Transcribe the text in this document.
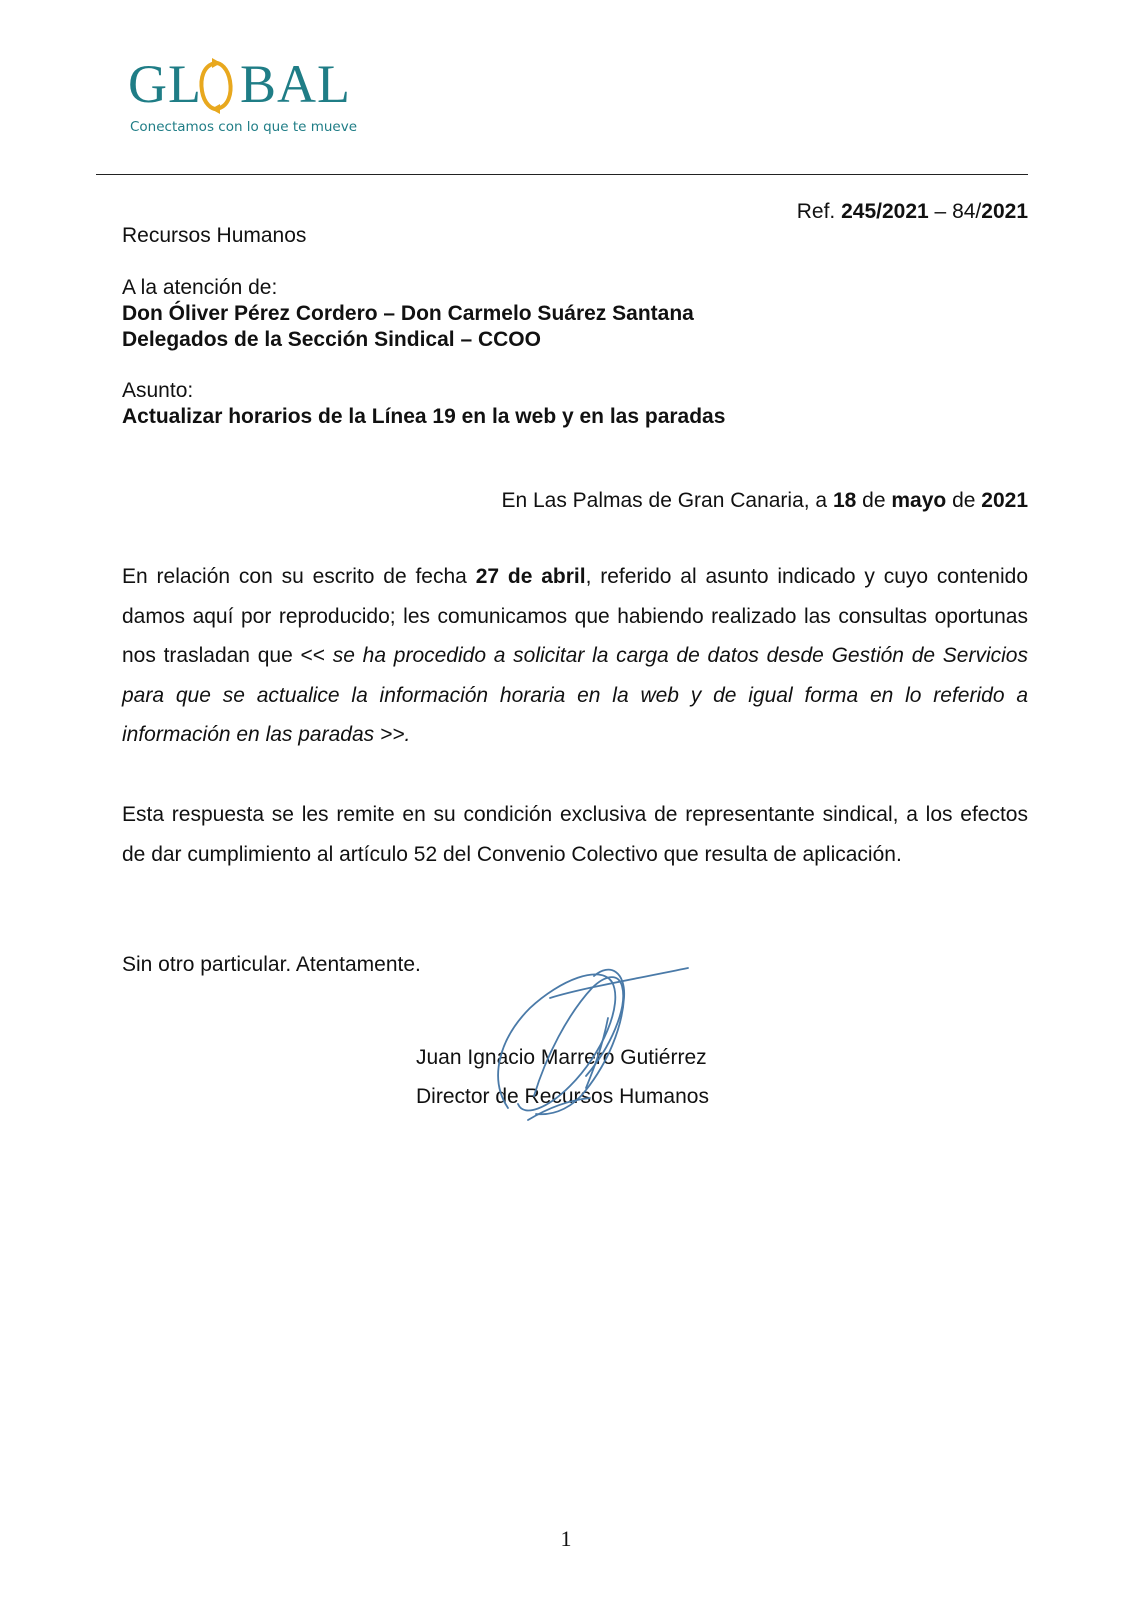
GL BAL
Conectamos con lo que te mueve
Ref. 245/2021 – 84/2021
Recursos Humanos
A la atención de:
Don Óliver Pérez Cordero – Don Carmelo Suárez Santana
Delegados de la Sección Sindical – CCOO
Asunto:
Actualizar horarios de la Línea 19 en la web y en las paradas
En Las Palmas de Gran Canaria, a 18 de mayo de 2021
En relación con su escrito de fecha 27 de abril, referido al asunto indicado y cuyo contenido damos aquí por reproducido; les comunicamos que habiendo realizado las consultas oportunas nos trasladan que << se ha procedido a solicitar la carga de datos desde Gestión de Servicios para que se actualice la información horaria en la web y de igual forma en lo referido a información en las paradas >>.
Esta respuesta se les remite en su condición exclusiva de representante sindical, a los efectos de dar cumplimiento al artículo 52 del Convenio Colectivo que resulta de aplicación.
Sin otro particular. Atentamente.
Juan Ignacio Marrero Gutiérrez
Director de Recursos Humanos
1
